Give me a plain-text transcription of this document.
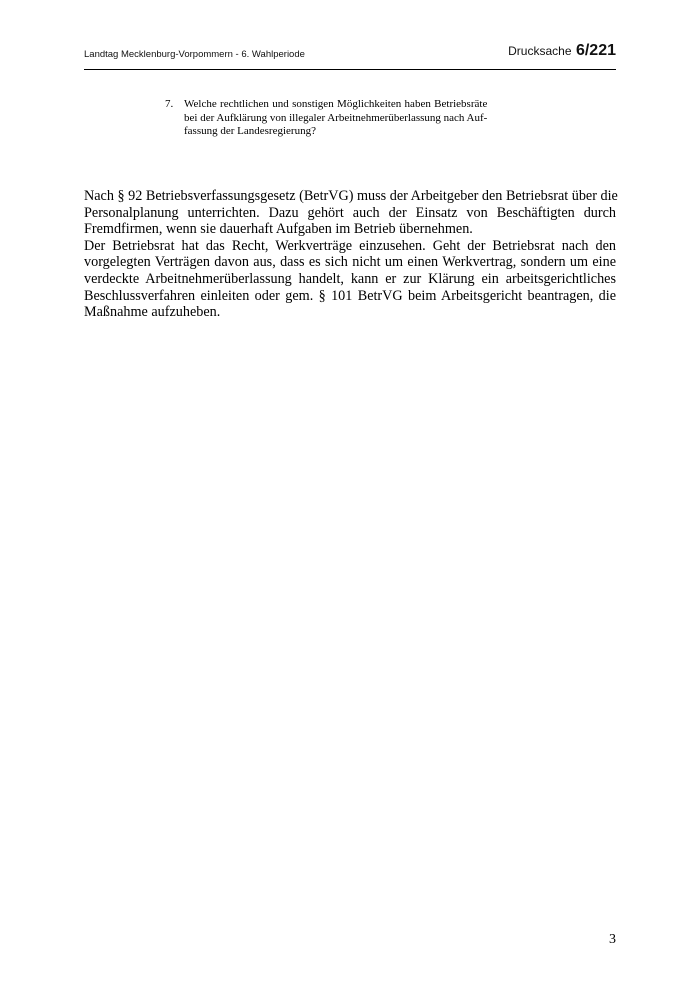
Landtag Mecklenburg-Vorpommern - 6. Wahlperiode	Drucksache 6/221
7. Welche rechtlichen und sonstigen Möglichkeiten haben Betriebsräte
bei der Aufklärung von illegaler Arbeitnehmerüberlassung nach Auf-
fassung der Landesregierung?
Nach § 92 Betriebsverfassungsgesetz (BetrVG) muss der Arbeitgeber den Betriebsrat über die
Personalplanung unterrichten. Dazu gehört auch der Einsatz von Beschäftigten durch
Fremdfirmen, wenn sie dauerhaft Aufgaben im Betrieb übernehmen.
Der Betriebsrat hat das Recht, Werkverträge einzusehen. Geht der Betriebsrat nach den
vorgelegten Verträgen davon aus, dass es sich nicht um einen Werkvertrag, sondern um eine
verdeckte Arbeitnehmerüberlassung handelt, kann er zur Klärung ein arbeitsgerichtliches
Beschlussverfahren einleiten oder gem. § 101 BetrVG beim Arbeitsgericht beantragen, die
Maßnahme aufzuheben.
3
